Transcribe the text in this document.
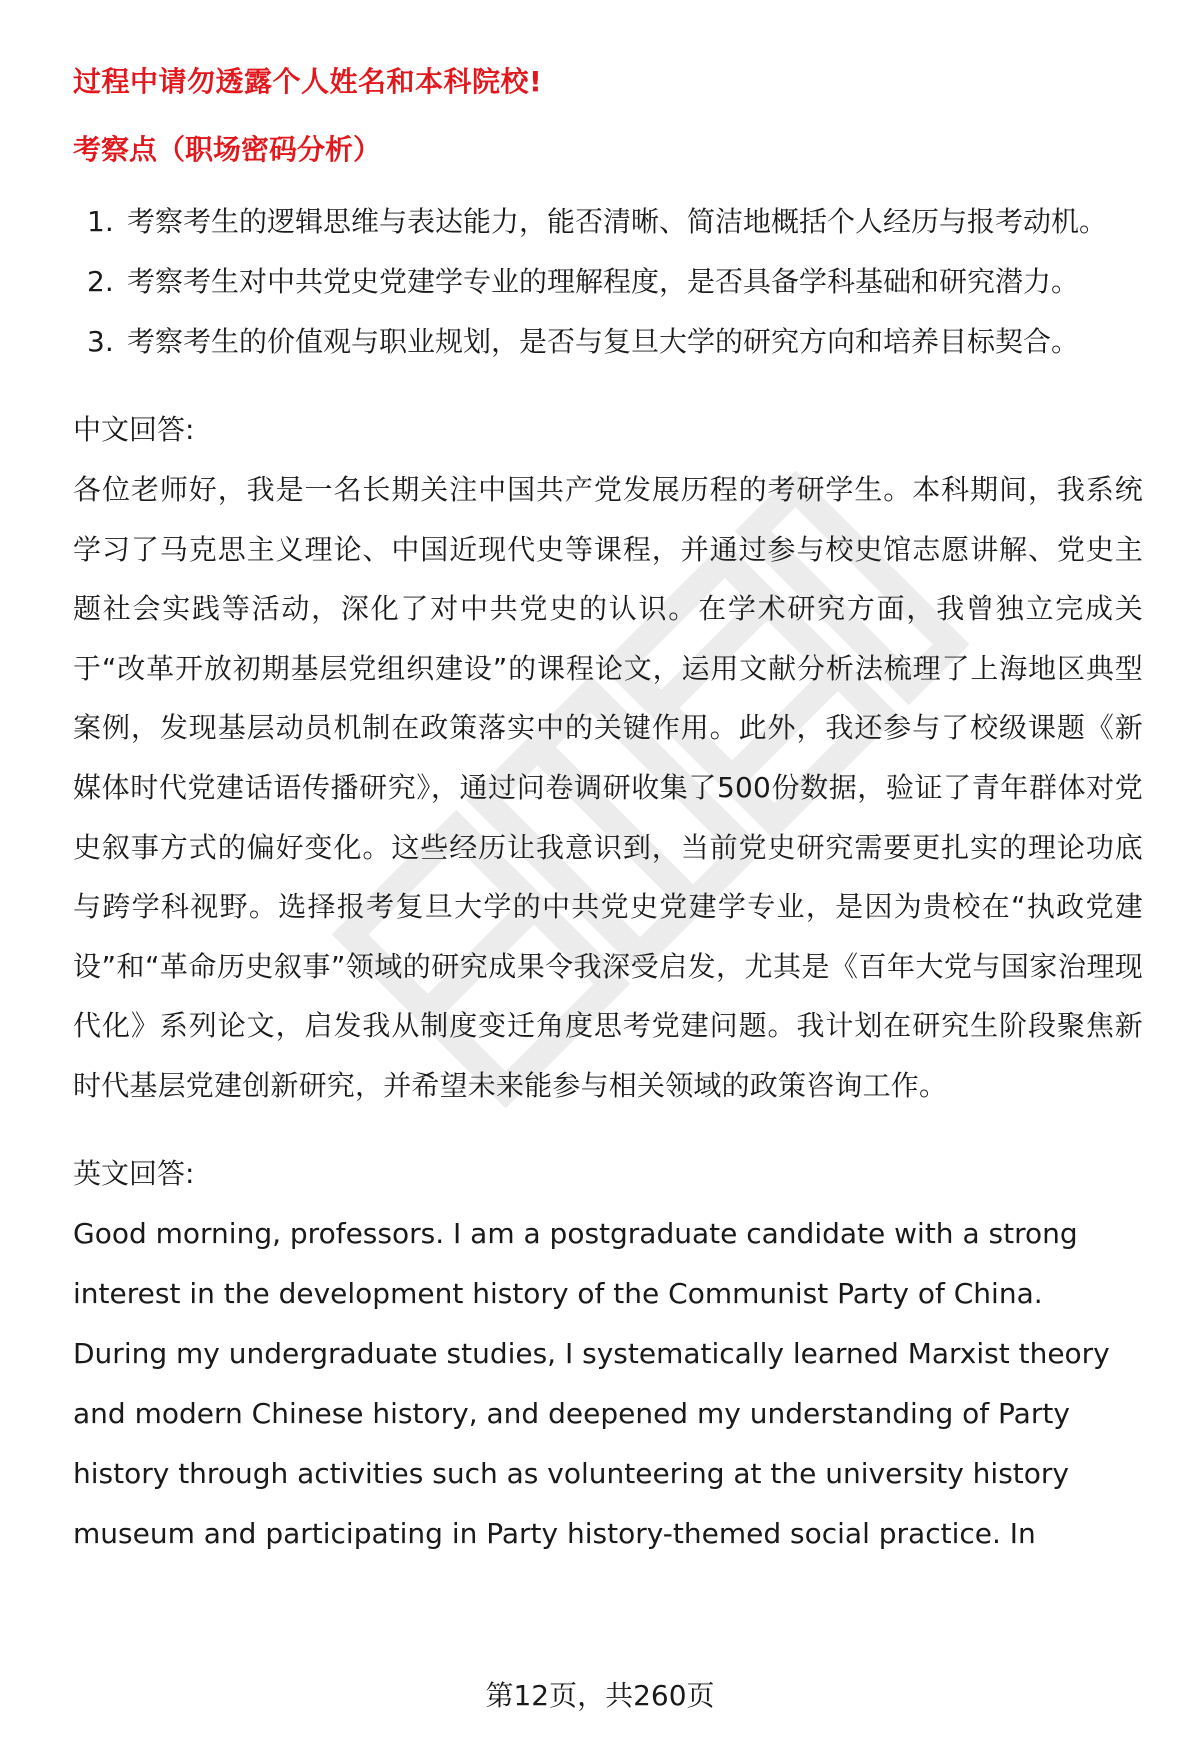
过程中请勿透露个人姓名和本科院校!

考察点（职场密码分析）

1. 考察考生的逻辑思维与表达能力，能否清晰、简洁地概括个人经历与报考动机。
2. 考察考生对中共党史党建学专业的理解程度，是否具备学科基础和研究潜力。
3. 考察考生的价值观与职业规划，是否与复旦大学的研究方向和培养目标契合。

中文回答:

各位老师好，我是一名长期关注中国共产党发展历程的考研学生。本科期间，我系统学习了马克思主义理论、中国近现代史等课程，并通过参与校史馆志愿讲解、党史主题社会实践等活动，深化了对中共党史的认识。在学术研究方面，我曾独立完成关于“改革开放初期基层党组织建设”的课程论文，运用文献分析法梳理了上海地区典型案例，发现基层动员机制在政策落实中的关键作用。此外，我还参与了校级课题《新媒体时代党建话语传播研究》，通过问卷调研收集了500份数据，验证了青年群体对党史叙事方式的偏好变化。这些经历让我意识到，当前党史研究需要更扎实的理论功底与跨学科视野。选择报考复旦大学的中共党史党建学专业，是因为贵校在“执政党建设”和“革命历史叙事”领域的研究成果令我深受启发，尤其是《百年大党与国家治理现代化》系列论文，启发我从制度变迁角度思考党建问题。我计划在研究生阶段聚焦新时代基层党建创新研究，并希望未来能参与相关领域的政策咨询工作。

英文回答:

Good morning, professors. I am a postgraduate candidate with a strong interest in the development history of the Communist Party of China. During my undergraduate studies, I systematically learned Marxist theory and modern Chinese history, and deepened my understanding of Party history through activities such as volunteering at the university history museum and participating in Party history-themed social practice. In

第12页，共260页
